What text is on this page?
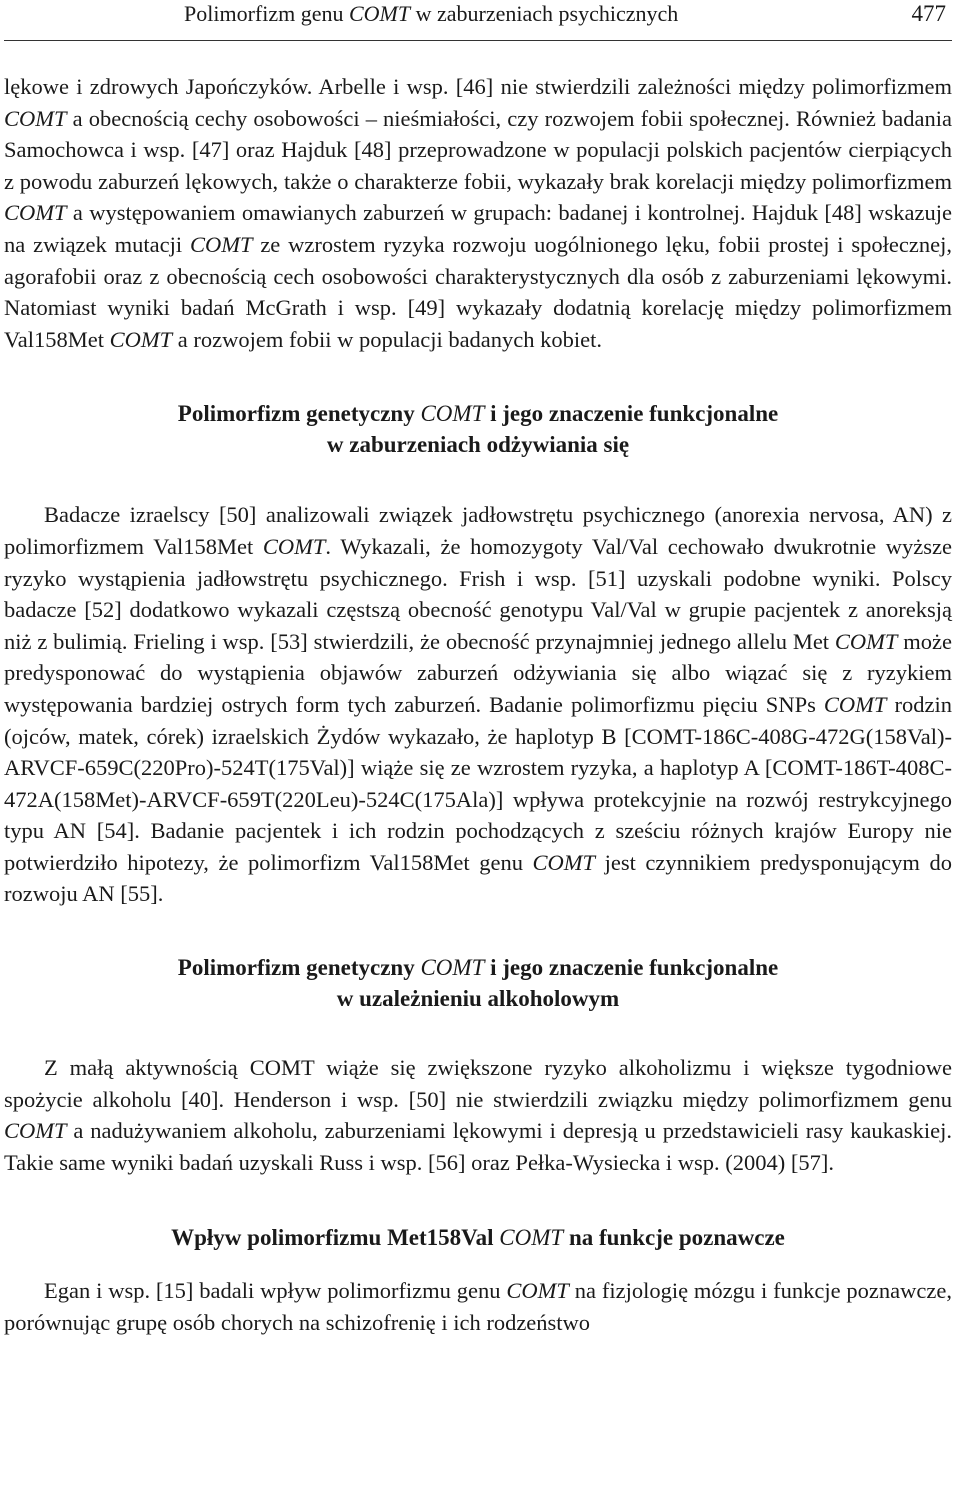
Polimorfizm genu COMT w zaburzeniach psychicznych	477

lękowe i zdrowych Japończyków. Arbelle i wsp. [46] nie stwierdzili zależności między polimorfizmem COMT a obecnością cechy osobowości – nieśmiałości, czy rozwojem fobii społecznej. Również badania Samochowca i wsp. [47] oraz Hajduk [48] przeprowadzone w populacji polskich pacjentów cierpiących z powodu zaburzeń lękowych, także o charakterze fobii, wykazały brak korelacji między polimorfizmem COMT a występowaniem omawianych zaburzeń w grupach: badanej i kontrolnej. Hajduk [48] wskazuje na związek mutacji COMT ze wzrostem ryzyka rozwoju uogólnionego lęku, fobii prostej i społecznej, agorafobii oraz z obecnością cech osobowości charakterystycznych dla osób z zaburzeniami lękowymi. Natomiast wyniki badań McGrath i wsp. [49] wykazały dodatnią korelację między polimorfizmem Val158Met COMT a rozwojem fobii w populacji badanych kobiet.

Polimorfizm genetyczny COMT i jego znaczenie funkcjonalne
w zaburzeniach odżywiania się

Badacze izraelscy [50] analizowali związek jadłowstrętu psychicznego (anorexia nervosa, AN) z polimorfizmem Val158Met COMT. Wykazali, że homozygoty Val/Val cechowało dwukrotnie wyższe ryzyko wystąpienia jadłowstrętu psychicznego. Frish i wsp. [51] uzyskali podobne wyniki. Polscy badacze [52] dodatkowo wykazali częstszą obecność genotypu Val/Val w grupie pacjentek z anoreksją niż z bulimią. Frieling i wsp. [53] stwierdzili, że obecność przynajmniej jednego allelu Met COMT może predysponować do wystąpienia objawów zaburzeń odżywiania się albo wiązać się z ryzykiem występowania bardziej ostrych form tych zaburzeń. Badanie polimorfizmu pięciu SNPs COMT rodzin (ojców, matek, córek) izraelskich Żydów wykazało, że haplotyp B [COMT-186C-408G-472G(158Val)-ARVCF-659C(220Pro)-524T(175Val)] wiąże się ze wzrostem ryzyka, a haplotyp A [COMT-186T-408C-472A(158Met)-ARVCF-659T(220Leu)-524C(175Ala)] wpływa protekcyjnie na rozwój restrykcyjnego typu AN [54]. Badanie pacjentek i ich rodzin pochodzących z sześciu różnych krajów Europy nie potwierdziło hipotezy, że polimorfizm Val158Met genu COMT jest czynnikiem predysponującym do rozwoju AN [55].

Polimorfizm genetyczny COMT i jego znaczenie funkcjonalne
w uzależnieniu alkoholowym

Z małą aktywnością COMT wiąże się zwiększone ryzyko alkoholizmu i większe tygodniowe spożycie alkoholu [40]. Henderson i wsp. [50] nie stwierdzili związku między polimorfizmem genu COMT a nadużywaniem alkoholu, zaburzeniami lękowymi i depresją u przedstawicieli rasy kaukaskiej. Takie same wyniki badań uzyskali Russ i wsp. [56] oraz Pełka-Wysiecka i wsp. (2004) [57].

Wpływ polimorfizmu Met158Val COMT na funkcje poznawcze

Egan i wsp. [15] badali wpływ polimorfizmu genu COMT na fizjologię mózgu i funkcje poznawcze, porównując grupę osób chorych na schizofrenię i ich rodzeństwo
